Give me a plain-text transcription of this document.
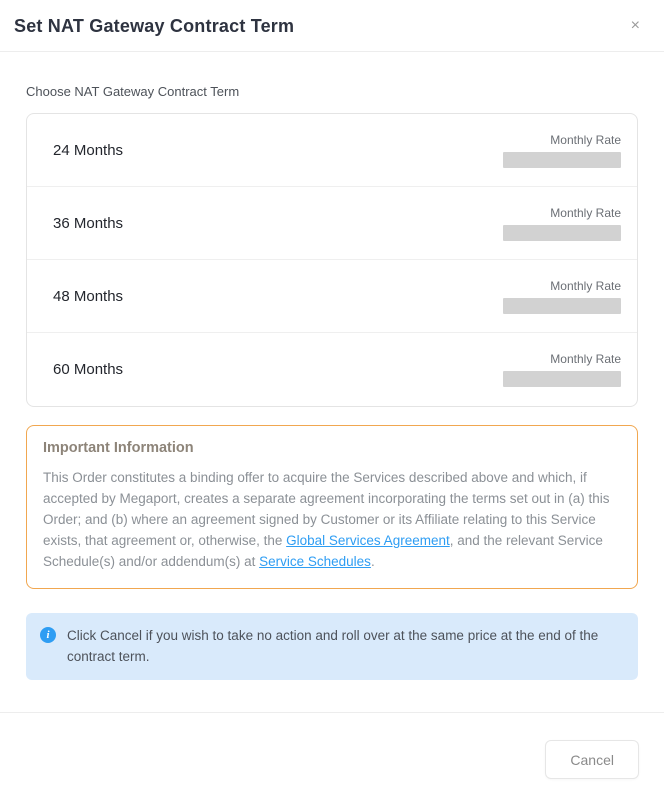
Set NAT Gateway Contract Term	×
Choose NAT Gateway Contract Term
24 Months
Monthly Rate
36 Months
Monthly Rate
48 Months
Monthly Rate
60 Months
Monthly Rate
Important Information
This Order constitutes a binding offer to acquire the Services described above and which, if accepted by Megaport, creates a separate agreement incorporating the terms set out in (a) this Order; and (b) where an agreement signed by Customer or its Affiliate relating to this Service exists, that agreement or, otherwise, the Global Services Agreement, and the relevant Service Schedule(s) and/or addendum(s) at Service Schedules.
i	Click Cancel if you wish to take no action and roll over at the same price at the end of the contract term.
Cancel
